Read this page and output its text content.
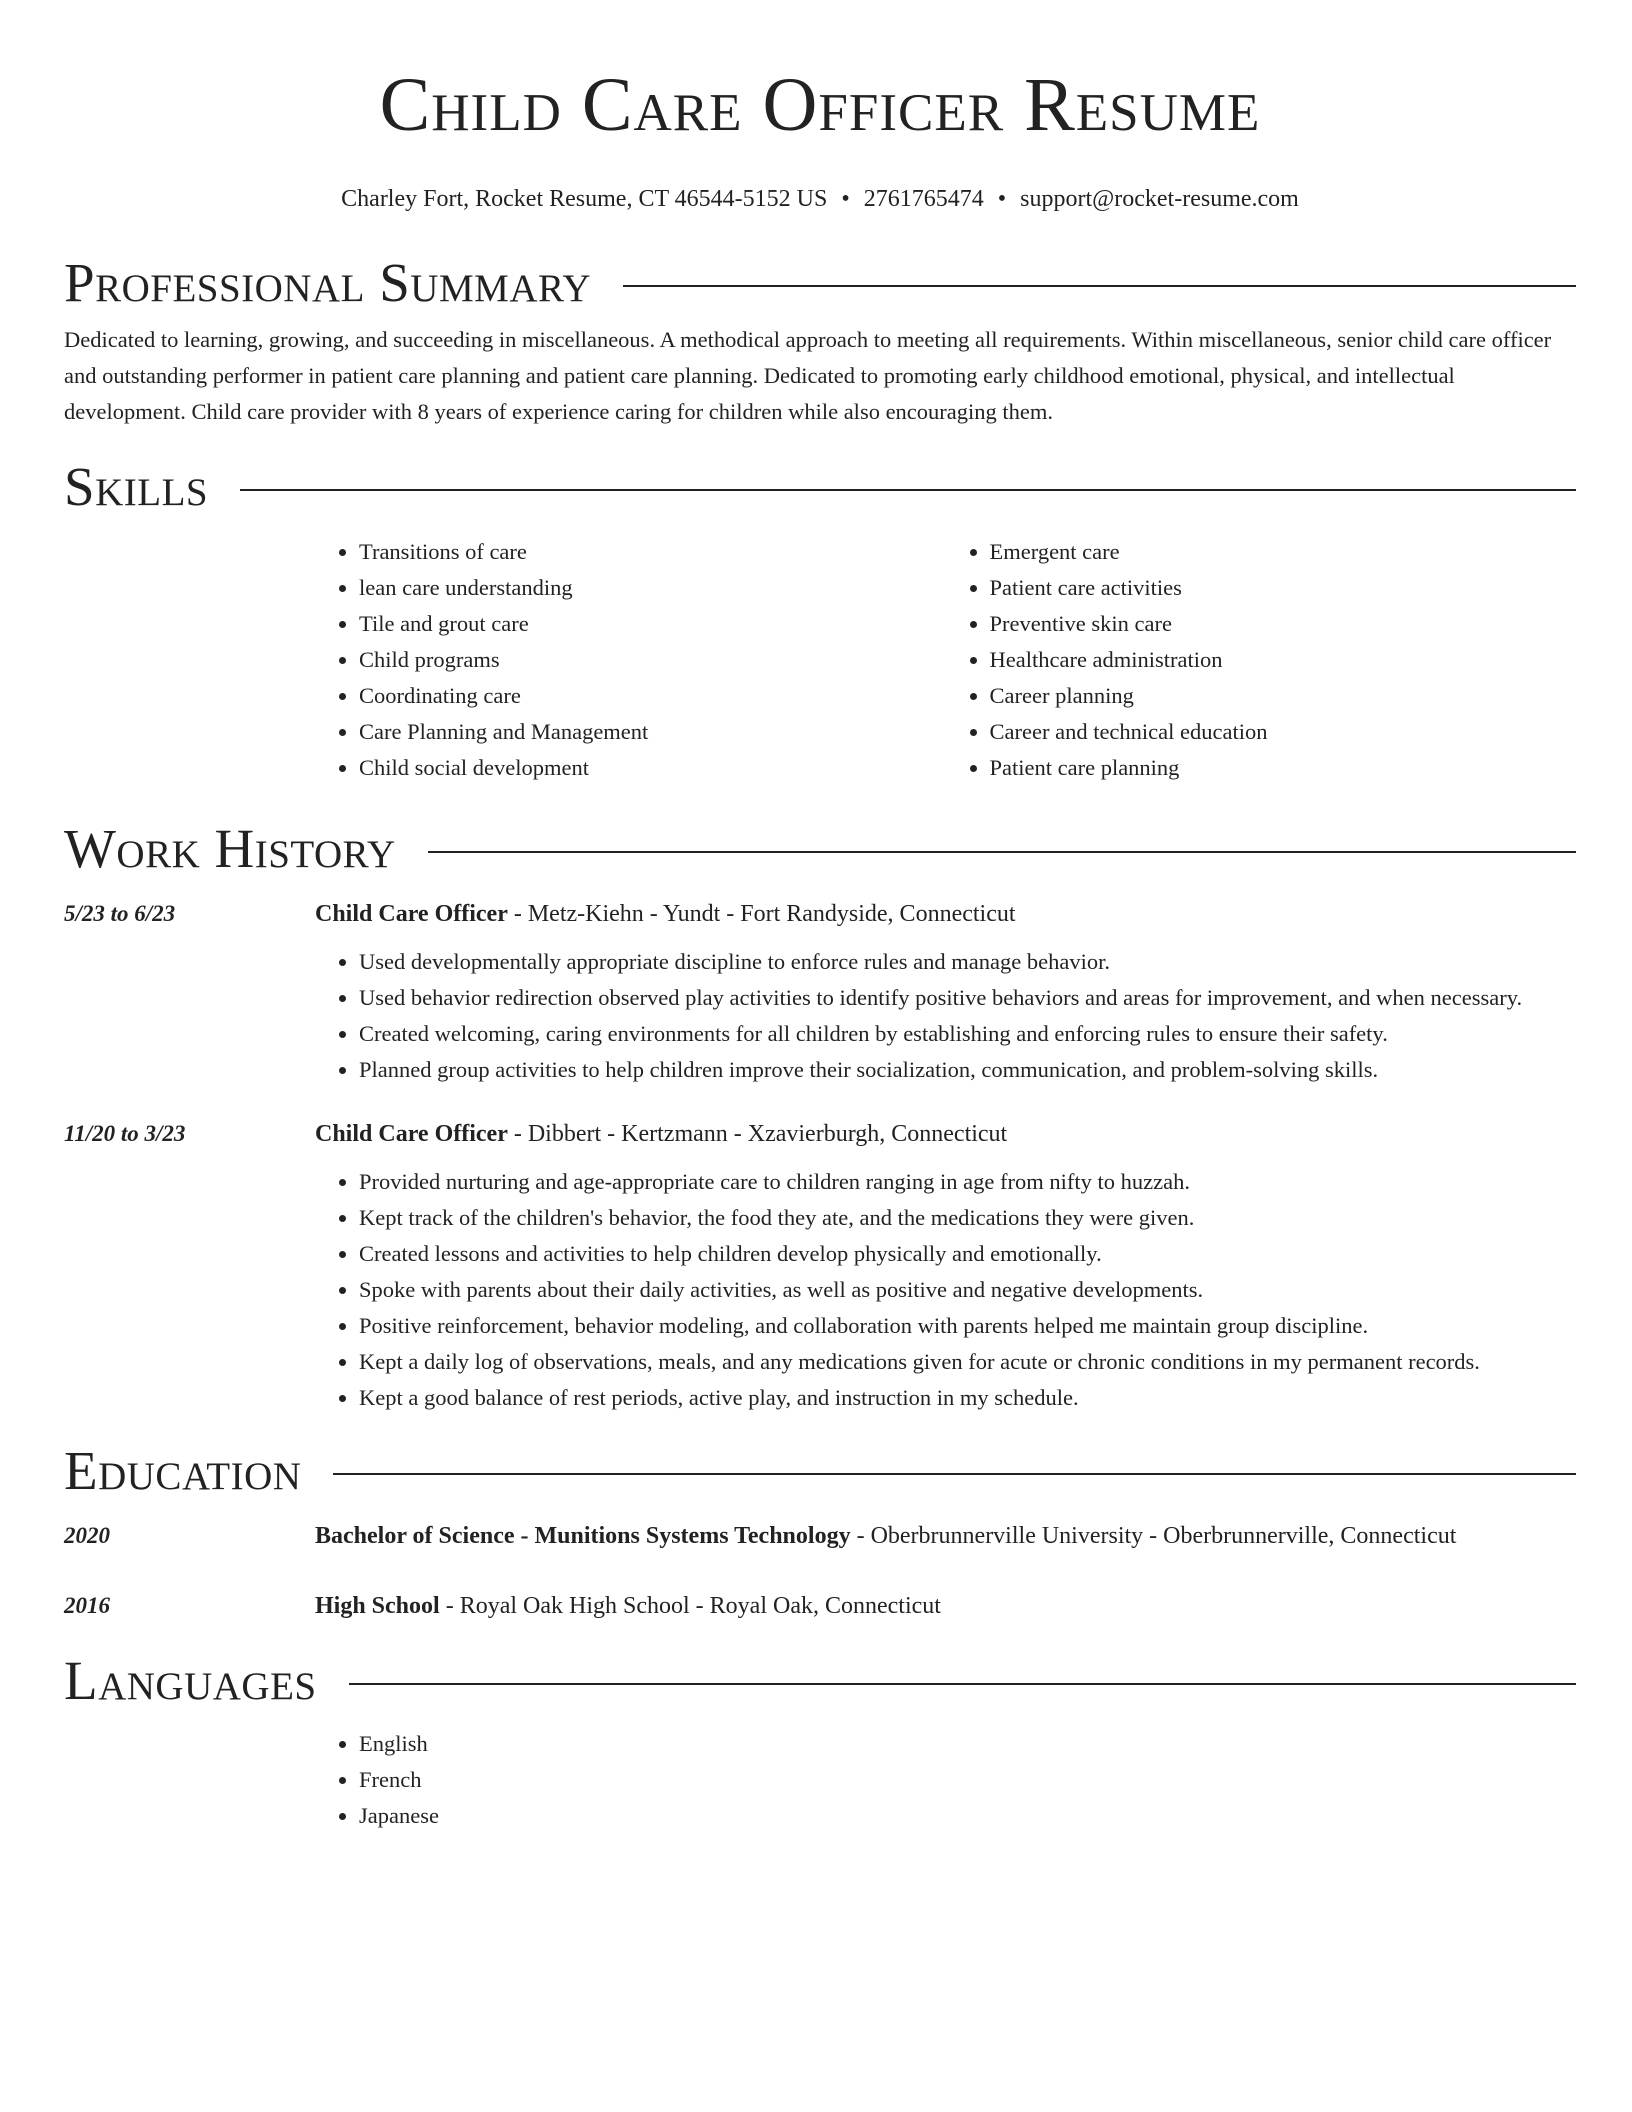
Child Care Officer Resume
Charley Fort, Rocket Resume, CT 46544-5152 US • 2761765474 • support@rocket-resume.com
Professional Summary
Dedicated to learning, growing, and succeeding in miscellaneous. A methodical approach to meeting all requirements. Within miscellaneous, senior child care officer and outstanding performer in patient care planning and patient care planning. Dedicated to promoting early childhood emotional, physical, and intellectual development. Child care provider with 8 years of experience caring for children while also encouraging them.
Skills
• Transitions of care
• lean care understanding
• Tile and grout care
• Child programs
• Coordinating care
• Care Planning and Management
• Child social development
• Emergent care
• Patient care activities
• Preventive skin care
• Healthcare administration
• Career planning
• Career and technical education
• Patient care planning
Work History
5/23 to 6/23	Child Care Officer - Metz-Kiehn - Yundt - Fort Randyside, Connecticut
• Used developmentally appropriate discipline to enforce rules and manage behavior.
• Used behavior redirection observed play activities to identify positive behaviors and areas for improvement, and when necessary.
• Created welcoming, caring environments for all children by establishing and enforcing rules to ensure their safety.
• Planned group activities to help children improve their socialization, communication, and problem-solving skills.
11/20 to 3/23	Child Care Officer - Dibbert - Kertzmann - Xzavierburgh, Connecticut
• Provided nurturing and age-appropriate care to children ranging in age from nifty to huzzah.
• Kept track of the children's behavior, the food they ate, and the medications they were given.
• Created lessons and activities to help children develop physically and emotionally.
• Spoke with parents about their daily activities, as well as positive and negative developments.
• Positive reinforcement, behavior modeling, and collaboration with parents helped me maintain group discipline.
• Kept a daily log of observations, meals, and any medications given for acute or chronic conditions in my permanent records.
• Kept a good balance of rest periods, active play, and instruction in my schedule.
Education
2020	Bachelor of Science - Munitions Systems Technology - Oberbrunnerville University - Oberbrunnerville, Connecticut
2016	High School - Royal Oak High School - Royal Oak, Connecticut
Languages
• English
• French
• Japanese
